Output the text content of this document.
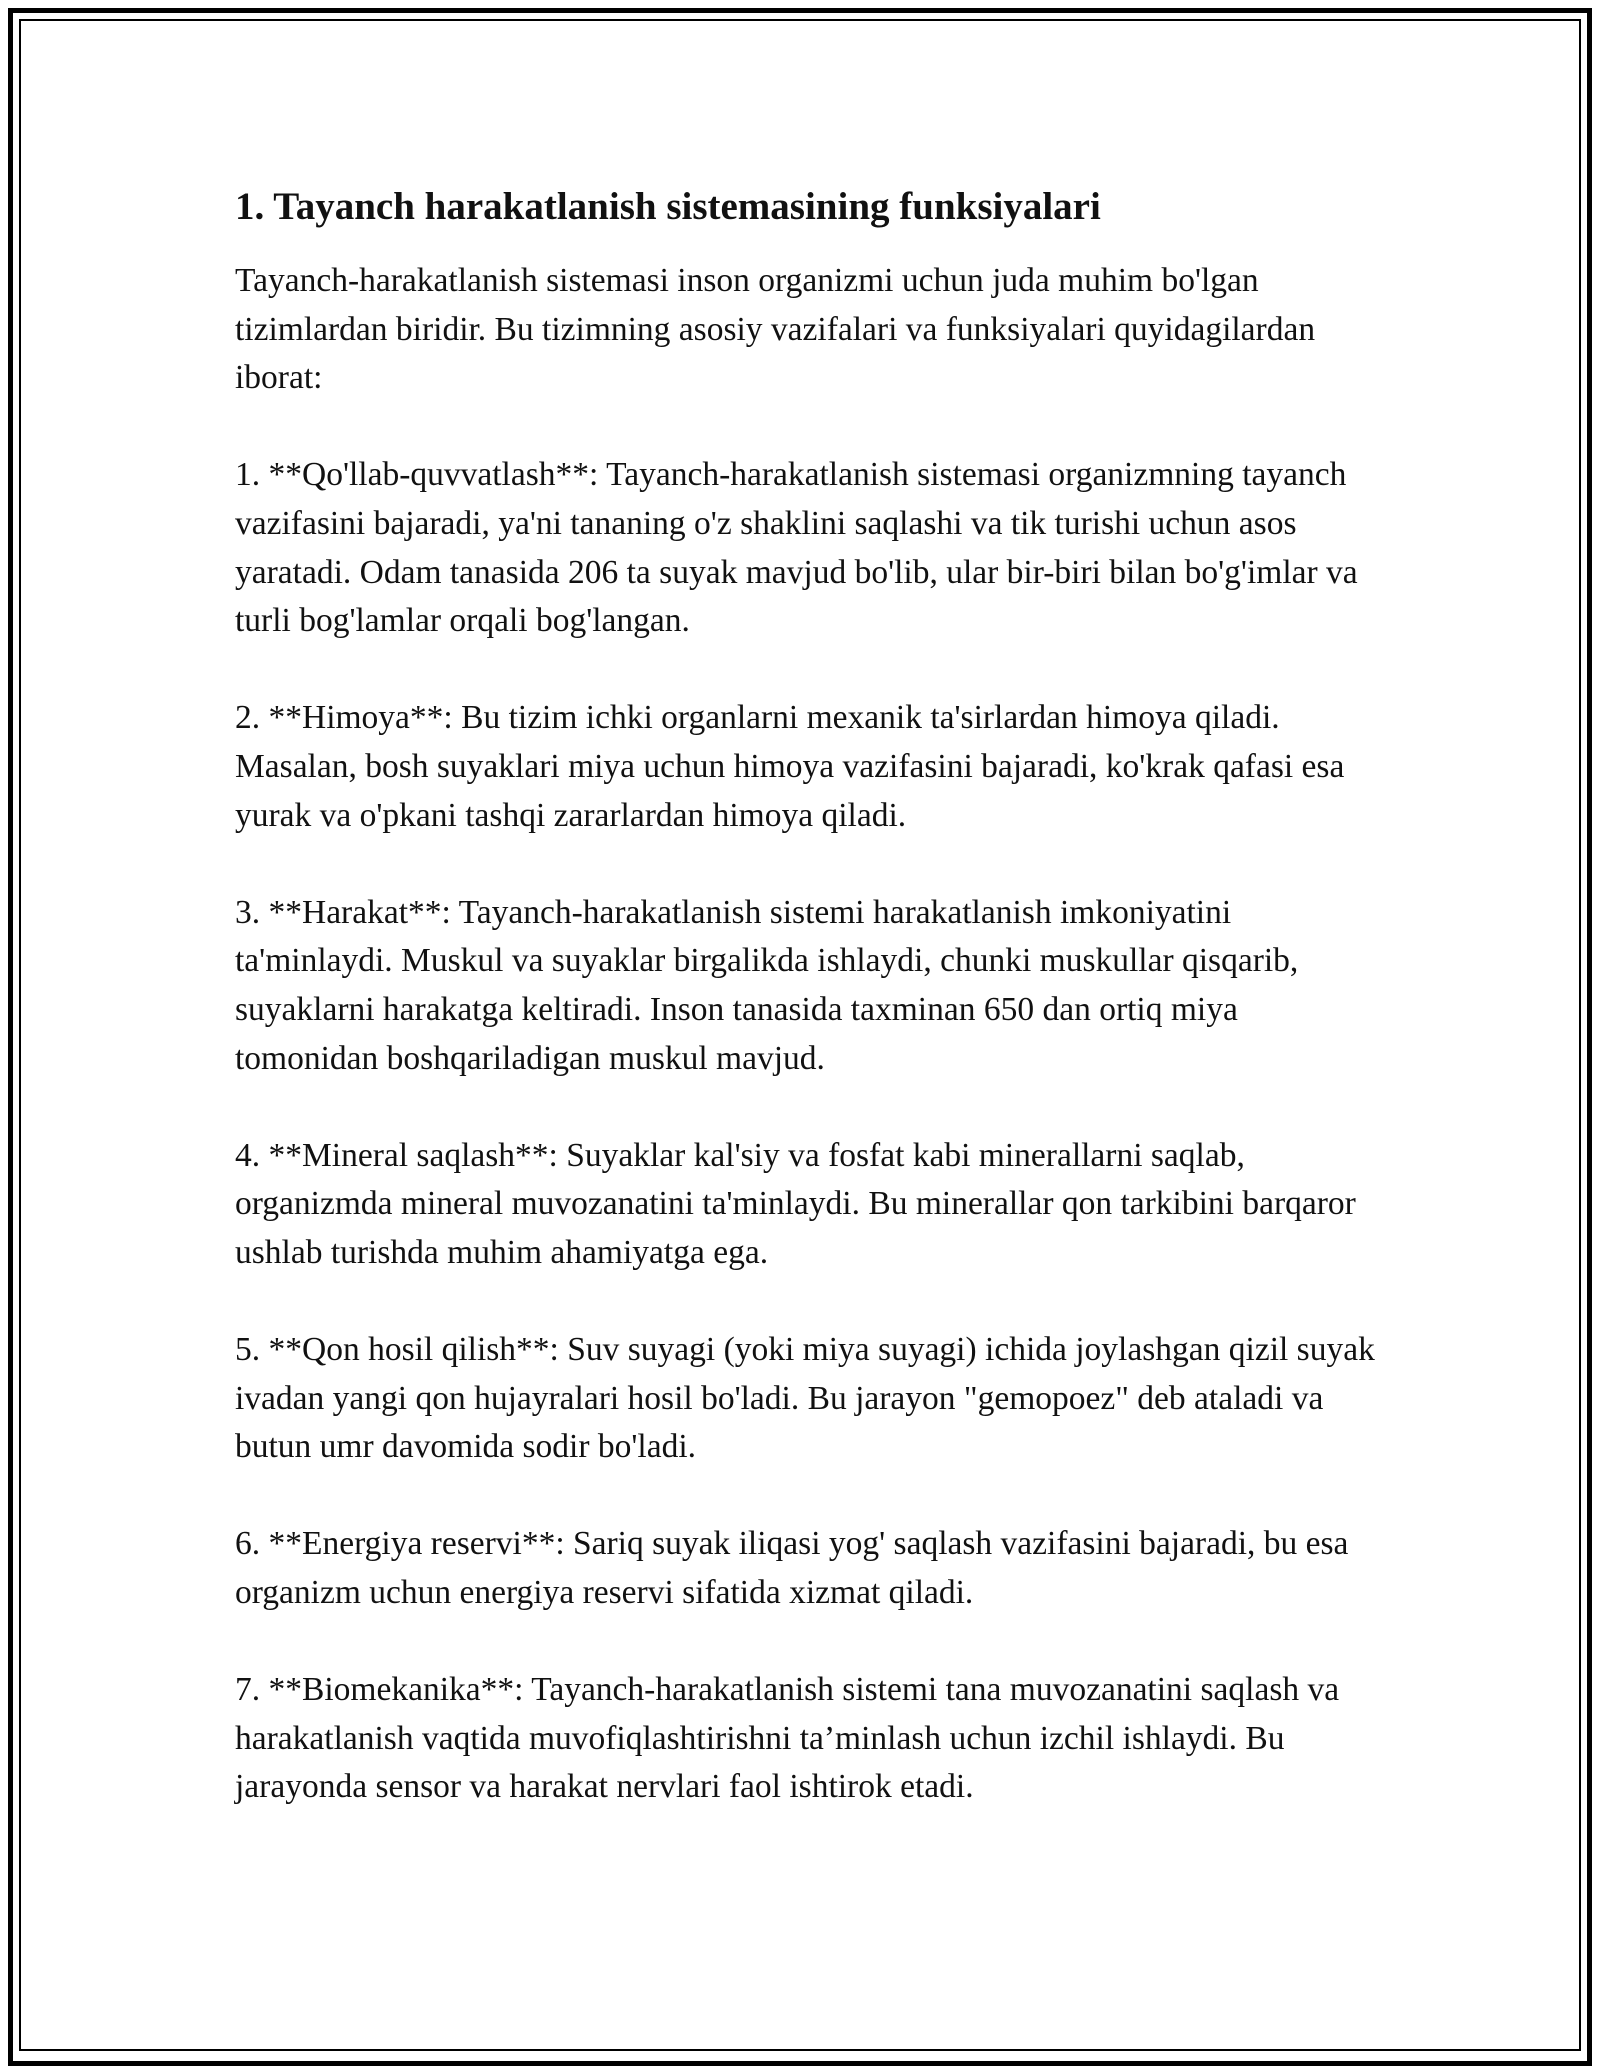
1. Tayanch harakatlanish sistemasining funksiyalari

Tayanch-harakatlanish sistemasi inson organizmi uchun juda muhim bo'lgan tizimlardan biridir. Bu tizimning asosiy vazifalari va funksiyalari quyidagilardan iborat:

1. **Qo'llab-quvvatlash**: Tayanch-harakatlanish sistemasi organizmning tayanch vazifasini bajaradi, ya'ni tananing o'z shaklini saqlashi va tik turishi uchun asos yaratadi. Odam tanasida 206 ta suyak mavjud bo'lib, ular bir-biri bilan bo'g'imlar va turli bog'lamlar orqali bog'langan.

2. **Himoya**: Bu tizim ichki organlarni mexanik ta'sirlardan himoya qiladi. Masalan, bosh suyaklari miya uchun himoya vazifasini bajaradi, ko'krak qafasi esa yurak va o'pkani tashqi zararlardan himoya qiladi.

3. **Harakat**: Tayanch-harakatlanish sistemi harakatlanish imkoniyatini ta'minlaydi. Muskul va suyaklar birgalikda ishlaydi, chunki muskullar qisqarib, suyaklarni harakatga keltiradi. Inson tanasida taxminan 650 dan ortiq miya tomonidan boshqariladigan muskul mavjud.

4. **Mineral saqlash**: Suyaklar kal'siy va fosfat kabi minerallarni saqlab, organizmda mineral muvozanatini ta'minlaydi. Bu minerallar qon tarkibini barqaror ushlab turishda muhim ahamiyatga ega.

5. **Qon hosil qilish**: Suv suyagi (yoki miya suyagi) ichida joylashgan qizil suyak ivadan yangi qon hujayralari hosil bo'ladi. Bu jarayon "gemopoez" deb ataladi va butun umr davomida sodir bo'ladi.

6. **Energiya reservi**: Sariq suyak iliqasi yog' saqlash vazifasini bajaradi, bu esa organizm uchun energiya reservi sifatida xizmat qiladi.

7. **Biomekanika**: Tayanch-harakatlanish sistemi tana muvozanatini saqlash va harakatlanish vaqtida muvofiqlashtirishni ta’minlash uchun izchil ishlaydi. Bu jarayonda sensor va harakat nervlari faol ishtirok etadi.
